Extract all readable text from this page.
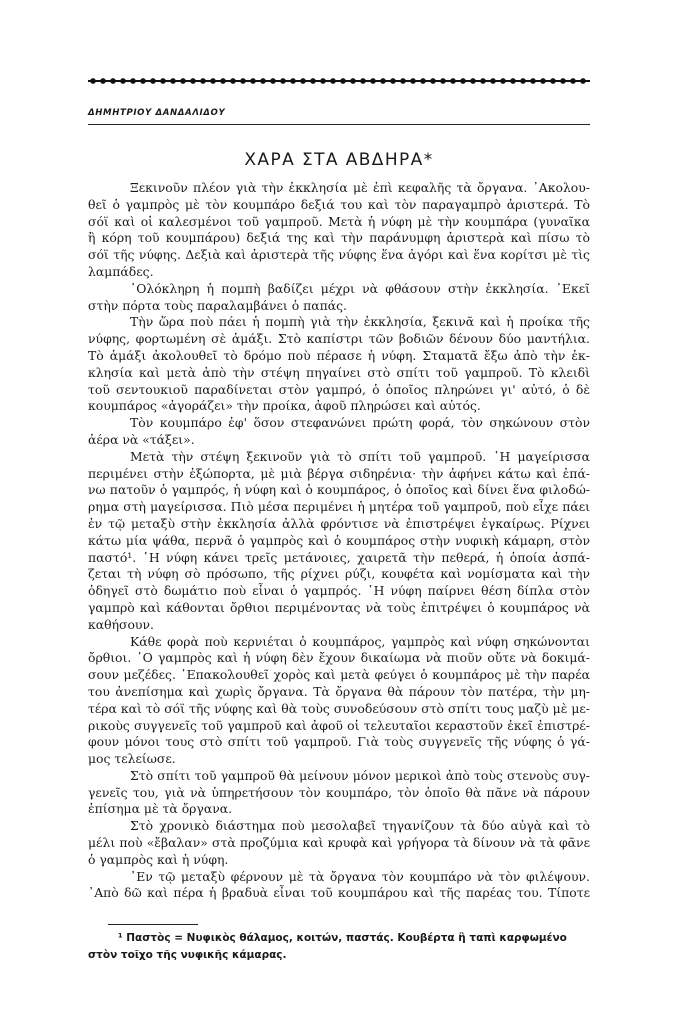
ΔΗΜΗΤΡΙΟΥ ΔΑΝΔΑΛΙΔΟΥ
ΧΑΡΑ ΣΤΑ ΑΒΔΗΡΑ*
Ξεκινοῦν πλέον γιὰ τὴν ἐκκλησία μὲ ἐπὶ κεφαλῆς τὰ ὄργανα. ᾿Ακολου-
θεῖ ὁ γαμπρὸς μὲ τὸν κουμπάρο δεξιά του καὶ τὸν παραγαμπρὸ ἀριστερά. Τὸ
σόϊ καὶ οἱ καλεσμένοι τοῦ γαμπροῦ. Μετὰ ἡ νύφη μὲ τὴν κουμπάρα (γυναῖκα
ἢ κόρη τοῦ κουμπάρου) δεξιά της καὶ τὴν παράνυμφη ἀριστερὰ καὶ πίσω τὸ
σόϊ τῆς νύφης. Δεξιὰ καὶ ἀριστερὰ τῆς νύφης ἕνα ἀγόρι καὶ ἕνα κορίτσι μὲ τὶς
λαμπάδες.
᾿Ολόκληρη ἡ πομπὴ βαδίζει μέχρι νὰ φθάσουν στὴν ἐκκλησία. ᾿Εκεῖ
στὴν πόρτα τοὺς παραλαμβάνει ὁ παπάς.
Τὴν ὥρα ποὺ πάει ἡ πομπὴ γιὰ τὴν ἐκκλησία, ξεκινᾶ καὶ ἡ προίκα τῆς
νύφης, φορτωμένη σὲ ἁμάξι. Στὸ καπίστρι τῶν βοδιῶν δένουν δύο μαντήλια.
Τὸ ἁμάξι ἀκολουθεῖ τὸ δρόμο ποὺ πέρασε ἡ νύφη. Σταματᾶ ἔξω ἀπὸ τὴν ἐκ-
κλησία καὶ μετὰ ἀπὸ τὴν στέψη πηγαίνει στὸ σπίτι τοῦ γαμπροῦ. Τὸ κλειδὶ
τοῦ σεντουκιοῦ παραδίνεται στὸν γαμπρό, ὁ ὁποῖος πληρώνει γι' αὐτό, ὁ δὲ
κουμπάρος «ἀγοράζει» τὴν προίκα, ἀφοῦ πληρώσει καὶ αὐτός.
Τὸν κουμπάρο ἐφ' ὅσον στεφανώνει πρώτη φορά, τὸν σηκώνουν στὸν
ἀέρα νὰ «τάξει».
Μετὰ τὴν στέψη ξεκινοῦν γιὰ τὸ σπίτι τοῦ γαμπροῦ. ῾Η μαγείρισσα
περιμένει στὴν ἐξώπορτα, μὲ μιὰ βέργα σιδηρένια· τὴν ἀφήνει κάτω καὶ ἐπά-
νω πατοῦν ὁ γαμπρός, ἡ νύφη καὶ ὁ κουμπάρος, ὁ ὁποῖος καὶ δίνει ἕνα φιλοδώ-
ρημα στὴ μαγείρισσα. Πιὸ μέσα περιμένει ἡ μητέρα τοῦ γαμπροῦ, ποὺ εἶχε πάει
ἐν τῷ μεταξὺ στὴν ἐκκλησία ἀλλὰ φρόντισε νὰ ἐπιστρέψει ἐγκαίρως. Ρίχνει
κάτω μία ψάθα, περνᾶ ὁ γαμπρὸς καὶ ὁ κουμπάρος στὴν νυφικὴ κάμαρη, στὸν
παστό¹. ῾Η νύφη κάνει τρεῖς μετάνοιες, χαιρετᾶ τὴν πεθερά, ἡ ὁποία ἀσπά-
ζεται τὴ νύφη σὸ πρόσωπο, τῆς ρίχνει ρύζι, κουφέτα καὶ νομίσματα καὶ τὴν
ὁδηγεῖ στὸ δωμάτιο ποὺ εἶναι ὁ γαμπρός. ῾Η νύφη παίρνει θέση δίπλα στὸν
γαμπρὸ καὶ κάθονται ὄρθιοι περιμένοντας νὰ τοὺς ἐπιτρέψει ὁ κουμπάρος νὰ
καθήσουν.
Κάθε φορὰ ποὺ κερνιέται ὁ κουμπάρος, γαμπρὸς καὶ νύφη σηκώνονται
ὄρθιοι. ῾Ο γαμπρὸς καὶ ἡ νύφη δὲν ἔχουν δικαίωμα νὰ πιοῦν οὔτε νὰ δοκιμά-
σουν μεζέδες. ᾿Επακολουθεῖ χορὸς καὶ μετὰ φεύγει ὁ κουμπάρος μὲ τὴν παρέα
του ἀνεπίσημα καὶ χωρὶς ὄργανα. Τὰ ὄργανα θὰ πάρουν τὸν πατέρα, τὴν μη-
τέρα καὶ τὸ σόϊ τῆς νύφης καὶ θὰ τοὺς συνοδεύσουν στὸ σπίτι τους μαζὺ μὲ με-
ρικοὺς συγγενεῖς τοῦ γαμπροῦ καὶ ἀφοῦ οἱ τελευταῖοι κεραστοῦν ἐκεῖ ἐπιστρέ-
φουν μόνοι τους στὸ σπίτι τοῦ γαμπροῦ. Γιὰ τοὺς συγγενεῖς τῆς νύφης ὁ γά-
μος τελείωσε.
Στὸ σπίτι τοῦ γαμπροῦ θὰ μείνουν μόνον μερικοὶ ἀπὸ τοὺς στενοὺς συγ-
γενεῖς του, γιὰ νὰ ὑπηρετήσουν τὸν κουμπάρο, τὸν ὁποῖο θὰ πᾶνε νὰ πάρουν
ἐπίσημα μὲ τὰ ὄργανα.
Στὸ χρονικὸ διάστημα ποὺ μεσολαβεῖ τηγανίζουν τὰ δύο αὐγὰ καὶ τὸ
μέλι ποὺ «ἔβαλαν» στὰ προζύμια καὶ κρυφὰ καὶ γρήγορα τὰ δίνουν νὰ τὰ φᾶνε
ὁ γαμπρὸς καὶ ἡ νύφη.
᾿Εν τῷ μεταξὺ φέρνουν μὲ τὰ ὄργανα τὸν κουμπάρο νὰ τὸν φιλέψουν.
᾿Απὸ δῶ καὶ πέρα ἡ βραδυὰ εἶναι τοῦ κουμπάρου καὶ τῆς παρέας του. Τίποτε
¹ Παστὸς = Νυφικὸς θάλαμος, κοιτών, παστάς. Κουβέρτα ἢ ταπὶ καρφωμένο
στὸν τοῖχο τῆς νυφικῆς κάμαρας.
